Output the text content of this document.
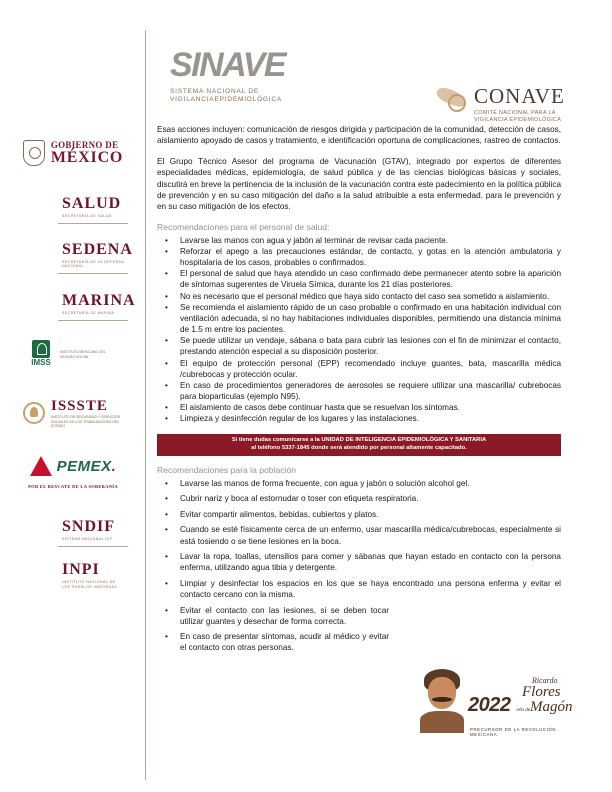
GOBIERNO DE
MÉXICO
SALUD
SECRETARÍA DE SALUD
SEDENA
SECRETARÍA DE LA DEFENSA NACIONAL
MARINA
SECRETARÍA DE MARINA
IMSS
INSTITUTO MEXICANO DEL SEGURO SOCIAL
ISSSTE
INSTITUTO DE SEGURIDAD Y SERVICIOS SOCIALES DE LOS TRABAJADORES DEL ESTADO
PEMEX.
POR EL RESCATE DE LA SOBERANÍA
SNDIF
SISTEMA NACIONAL DIF
INPI
INSTITUTO NACIONAL DE
LOS PUEBLOS INDÍGENAS
SINAVE
SISTEMA NACIONAL DE
VIGILANCIAEPIDEMIOLÓGICA	CONAVE
COMITÉ NACIONAL PARA LA
VIGILANCIA EPIDEMIOLÓGICA

Esas acciones incluyen: comunicación de riesgos dirigida y participación de la comunidad, detección de casos, aislamiento apoyado de casos y tratamiento, e identificación oportuna de complicaciones, rastreo de contactos.

El Grupo Técnico Asesor del programa de Vacunación (GTAV), integrado por expertos de diferentes especialidades médicas, epidemiología, de salud pública y de las ciencias biológicas básicas y sociales, discutirá en breve la pertinencia de la inclusión de la vacunación contra este padecimiento en la política pública de prevención y en su caso mitigación del daño a la salud atribuible a esta enfermedad. para le prevención y en su caso mitigación de los efectos.

Recomendaciones para el personal de salud:
• Lavarse las manos con agua y jabón al terminar de revisar cada paciente.
• Reforzar el apego a las precauciones estándar, de contacto, y gotas en la atención ambulatoria y hospitalaria de los casos, probables o confirmados.
• El personal de salud que haya atendido un caso confirmado debe permanecer atento sobre la aparición de síntomas sugerentes de Viruela Símica, durante los 21 días posteriores.
• No es necesario que el personal médico que haya sido contacto del caso sea sometido a aislamiento.
• Se recomienda el aislamiento rápido de un caso probable o confirmado en una habitación individual con ventilación adecuada, si no hay habitaciones individuales disponibles, permitiendo una distancia mínima de 1.5 m entre los pacientes.
• Se puede utilizar un vendaje, sábana o bata para cubrir las lesiones con el fin de minimizar el contacto, prestando atención especial a su disposición posterior.
• El equipo de protección personal (EPP) recomendado incluye guantes, bata, mascarilla médica /cubrebocas y protección ocular.
• En caso de procedimientos generadores de aerosoles se requiere utilizar una mascarilla/ cubrebocas para bioparticulas (ejemplo N95).
• El aislamiento de casos debe continuar hasta que se resuelvan los síntomas.
• Limpieza y desinfección regular de los lugares y las instalaciones.
Si tiene dudas comunicarse a la UNIDAD DE INTELIGENCIA EPIDEMIOLÓGICA Y SANITARIA
al teléfono 5337-1845 donde será atendido por personal altamente capacitado.
Recomendaciones para la población
• Lavarse las manos de forma frecuente, con agua y jabón o solución alcohol gel.
• Cubrir nariz y boca al estornudar o toser con etiqueta respiratoria.
• Evitar compartir alimentos, bebidas, cubiertos y platos.
• Cuando se esté físicamente cerca de un enfermo, usar mascarilla médica/cubrebocas, especialmente si está tosiendo o se tiene lesiones en la boca.
• Lavar la ropa, toallas, utensilios para comer y sábanas que hayan estado en contacto con la persona enferma, utilizando agua tibia y detergente.
• Limpiar y desinfectar los espacios en los que se haya encontrado una persona enferma y evitar el contacto cercano con la misma.
• Evitar el contacto con las lesiones, si se deben tocar utilizar guantes y desechar de forma correcta.
• En caso de presentar síntomas, acudir al médico y evitar el contacto con otras personas.
2022 Año de
Ricardo
Flores
Magón
PRECURSOR DE LA REVOLUCIÓN MEXICANA
